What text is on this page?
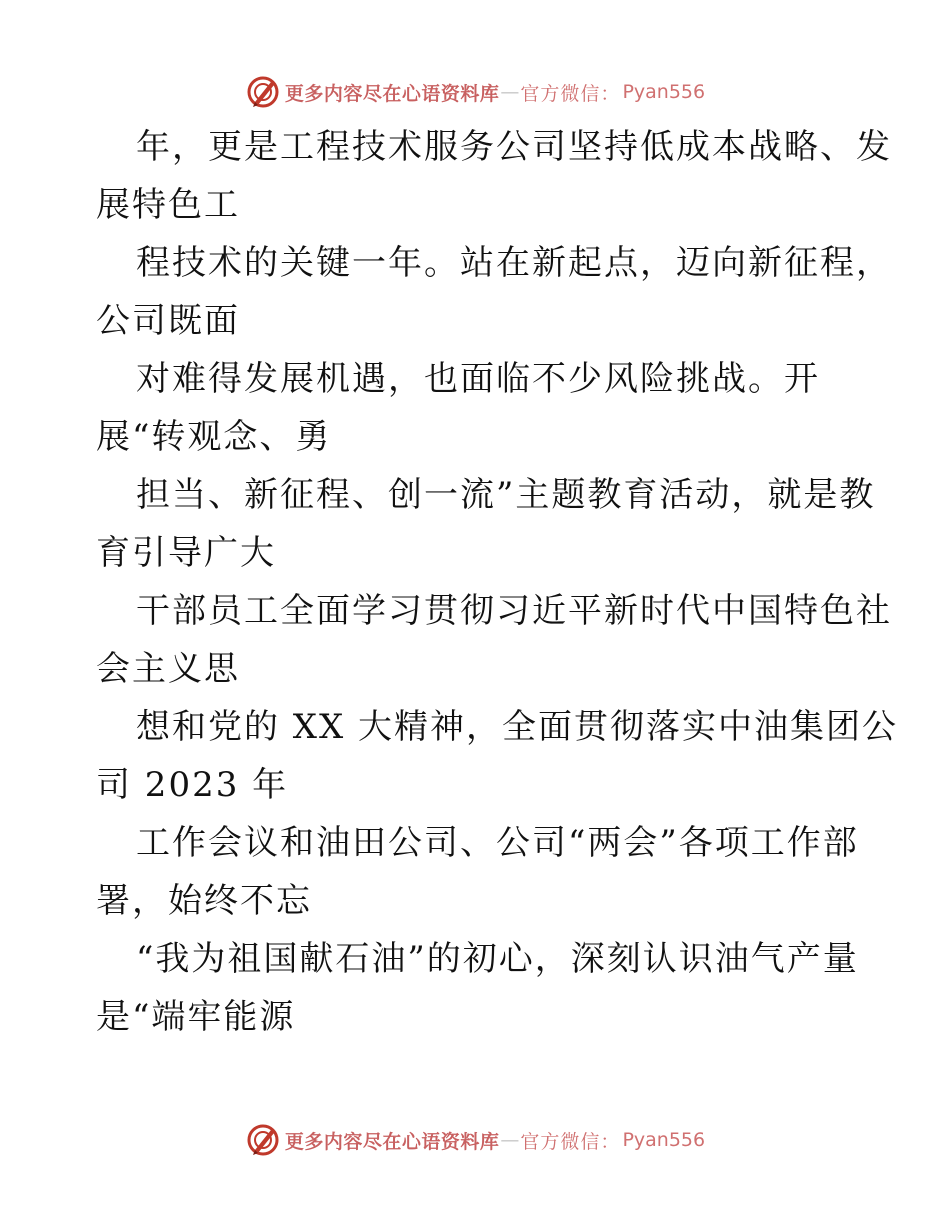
更多内容尽在心语资料库 — 官方微信： Pyan556
年，更是工程技术服务公司坚持低成本战略、发
展特色工
程技术的关键一年。站在新起点，迈向新征程，
公司既面
对难得发展机遇，也面临不少风险挑战。开
展“转观念、勇
担当、新征程、创一流”主题教育活动，就是教
育引导广大
干部员工全面学习贯彻习近平新时代中国特色社
会主义思
想和党的 XX 大精神，全面贯彻落实中油集团公
司 2023 年
工作会议和油田公司、公司“两会”各项工作部
署，始终不忘
“我为祖国献石油”的初心，深刻认识油气产量
是“端牢能源
更多内容尽在心语资料库 — 官方微信： Pyan556
